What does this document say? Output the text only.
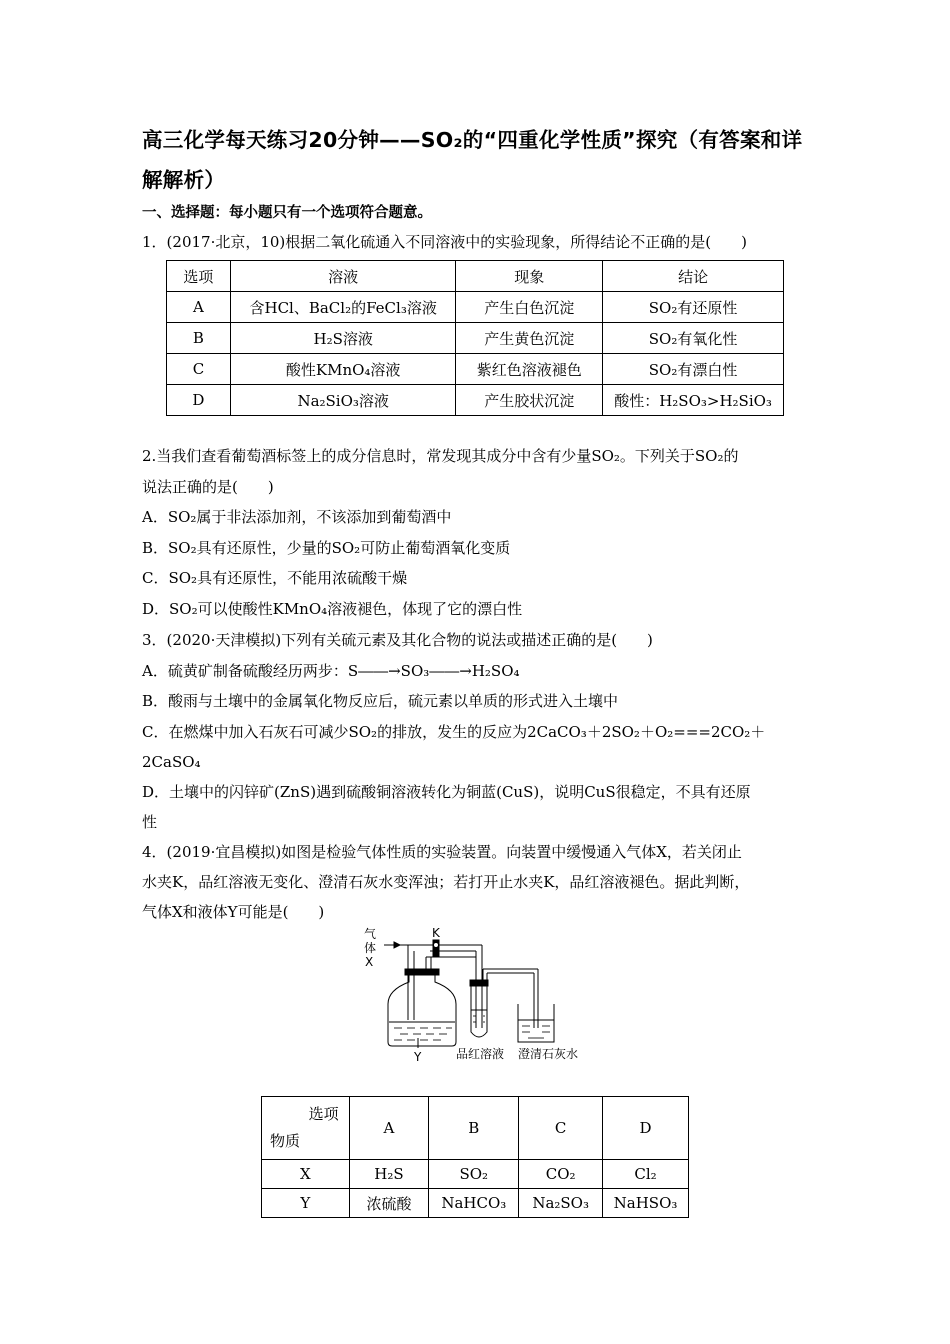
高三化学每天练习20分钟——SO₂的“四重化学性质”探究（有答案和详解解析）
一、选择题：每小题只有一个选项符合题意。
1．(2017·北京，10)根据二氧化硫通入不同溶液中的实验现象，所得结论不正确的是(　　)
选项	溶液	现象	结论
A	含HCl、BaCl₂的FeCl₃溶液	产生白色沉淀	SO₂有还原性
B	H₂S溶液	产生黄色沉淀	SO₂有氧化性
C	酸性KMnO₄溶液	紫红色溶液褪色	SO₂有漂白性
D	Na₂SiO₃溶液	产生胶状沉淀	酸性：H₂SO₃>H₂SiO₃
2.当我们查看葡萄酒标签上的成分信息时，常发现其成分中含有少量SO₂。下列关于SO₂的
说法正确的是(　　)
A．SO₂属于非法添加剂，不该添加到葡萄酒中
B．SO₂具有还原性，少量的SO₂可防止葡萄酒氧化变质
C．SO₂具有还原性，不能用浓硫酸干燥
D．SO₂可以使酸性KMnO₄溶液褪色，体现了它的漂白性
3．(2020·天津模拟)下列有关硫元素及其化合物的说法或描述正确的是(　　)
A．硫黄矿制备硫酸经历两步：S――→SO₃――→H₂SO₄
B．酸雨与土壤中的金属氧化物反应后，硫元素以单质的形式进入土壤中
C．在燃煤中加入石灰石可减少SO₂的排放，发生的反应为2CaCO₃＋2SO₂＋O₂===2CO₂＋
2CaSO₄
D．土壤中的闪锌矿(ZnS)遇到硫酸铜溶液转化为铜蓝(CuS)，说明CuS很稳定，不具有还原
性
4．(2019·宜昌模拟)如图是检验气体性质的实验装置。向装置中缓慢通入气体X，若关闭止
水夹K，品红溶液无变化、澄清石灰水变浑浊；若打开止水夹K，品红溶液褪色。据此判断，
气体X和液体Y可能是(　　)
气
体
X
K
Y	品红溶液 澄清石灰水
选项
物质	A	B	C	D
X	H₂S	SO₂	CO₂	Cl₂
Y	浓硫酸	NaHCO₃	Na₂SO₃	NaHSO₃
